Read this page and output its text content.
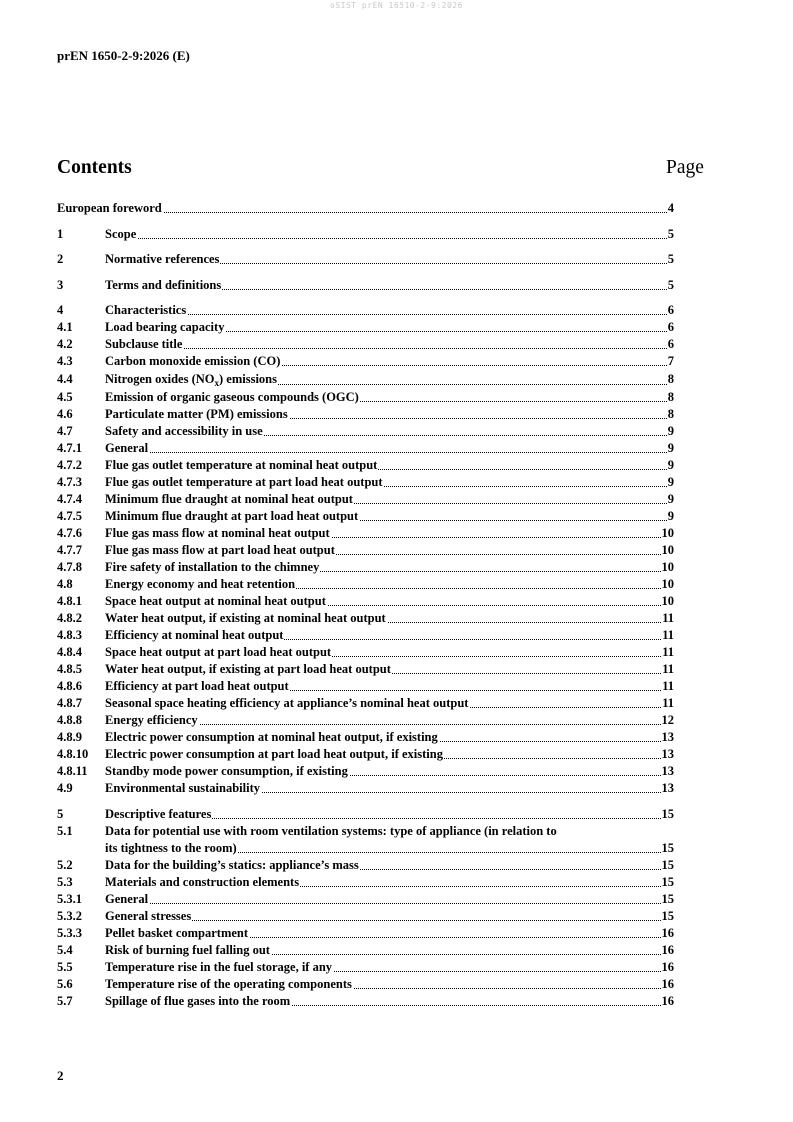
oSIST prEN 16510-2-9:2026
prEN 1650-2-9:2026 (E)
Contents	Page
European foreword	4
1	Scope	5
2	Normative references	5
3	Terms and definitions	5
4	Characteristics	6
4.1	Load bearing capacity	6
4.2	Subclause title	6
4.3	Carbon monoxide emission (CO)	7
4.4	Nitrogen oxides $(NO_x)$ emissions	8
4.5	Emission of organic gaseous compounds (OGC)	8
4.6	Particulate matter (PM) emissions	8
4.7	Safety and accessibility in use	9
4.7.1	General	9
4.7.2	Flue gas outlet temperature at nominal heat output	9
4.7.3	Flue gas outlet temperature at part load heat output	9
4.7.4	Minimum flue draught at nominal heat output	9
4.7.5	Minimum flue draught at part load heat output	9
4.7.6	Flue gas mass flow at nominal heat output	10
4.7.7	Flue gas mass flow at part load heat output	10
4.7.8	Fire safety of installation to the chimney	10
4.8	Energy economy and heat retention	10
4.8.1	Space heat output at nominal heat output	10
4.8.2	Water heat output, if existing at nominal heat output	11
4.8.3	Efficiency at nominal heat output	11
4.8.4	Space heat output at part load heat output	11
4.8.5	Water heat output, if existing at part load heat output	11
4.8.6	Efficiency at part load heat output	11
4.8.7	Seasonal space heating efficiency at appliance’s nominal heat output	11
4.8.8	Energy efficiency	12
4.8.9	Electric power consumption at nominal heat output, if existing	13
4.8.10	Electric power consumption at part load heat output, if existing	13
4.8.11	Standby mode power consumption, if existing	13
4.9	Environmental sustainability	13
5	Descriptive features	15
5.1	Data for potential use with room ventilation systems: type of appliance (in relation to
its tightness to the room)	15
5.2	Data for the building’s statics: appliance’s mass	15
5.3	Materials and construction elements	15
5.3.1	General	15
5.3.2	General stresses	15
5.3.3	Pellet basket compartment	16
5.4	Risk of burning fuel falling out	16
5.5	Temperature rise in the fuel storage, if any	16
5.6	Temperature rise of the operating components	16
5.7	Spillage of flue gases into the room	16
2
